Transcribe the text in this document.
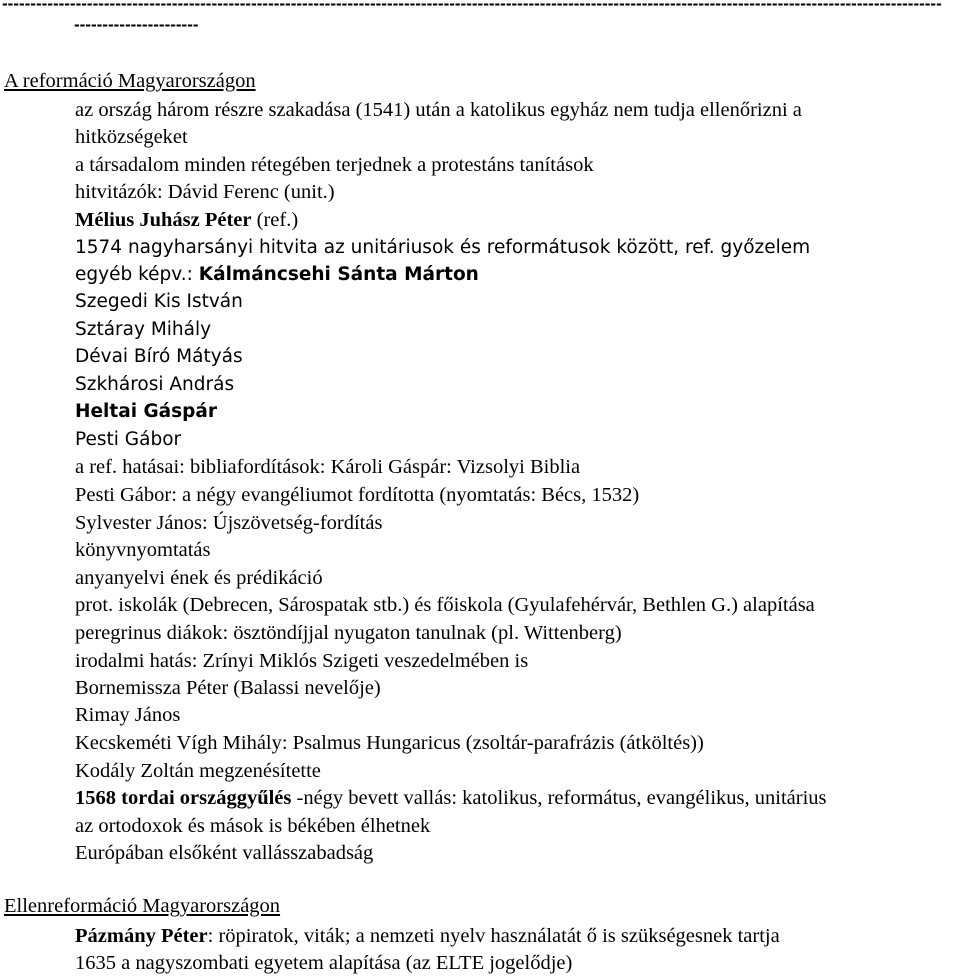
----------------------------------------------------------------------------------------------------------------------------------------------------------------------
----------------------
A reformáció Magyarországon
az ország három részre szakadása (1541) után a katolikus egyház nem tudja ellenőrizni a
hitközségeket
a társadalom minden rétegében terjednek a protestáns tanítások
hitvitázók: Dávid Ferenc (unit.)
Mélius Juhász Péter (ref.)
1574 nagyharsányi hitvita az unitáriusok és reformátusok között, ref. győzelem
egyéb képv.: Kálmáncsehi Sánta Márton
Szegedi Kis István
Sztáray Mihály
Dévai Bíró Mátyás
Szkhárosi András
Heltai Gáspár
Pesti Gábor
a ref. hatásai: bibliafordítások: Károli Gáspár: Vizsolyi Biblia
Pesti Gábor: a négy evangéliumot fordította (nyomtatás: Bécs, 1532)
Sylvester János: Újszövetség-fordítás
könyvnyomtatás
anyanyelvi ének és prédikáció
prot. iskolák (Debrecen, Sárospatak stb.) és főiskola (Gyulafehérvár, Bethlen G.) alapítása
peregrinus diákok: ösztöndíjjal nyugaton tanulnak (pl. Wittenberg)
irodalmi hatás: Zrínyi Miklós Szigeti veszedelmében is
Bornemissza Péter (Balassi nevelője)
Rimay János
Kecskeméti Vígh Mihály: Psalmus Hungaricus (zsoltár-parafrázis (átköltés))
Kodály Zoltán megzenésítette
1568 tordai országgyűlés -négy bevett vallás: katolikus, református, evangélikus, unitárius
az ortodoxok és mások is békében élhetnek
Európában elsőként vallásszabadság
Ellenreformáció Magyarországon
Pázmány Péter: röpiratok, viták; a nemzeti nyelv használatát ő is szükségesnek tartja
1635 a nagyszombati egyetem alapítása (az ELTE jogelődje)
